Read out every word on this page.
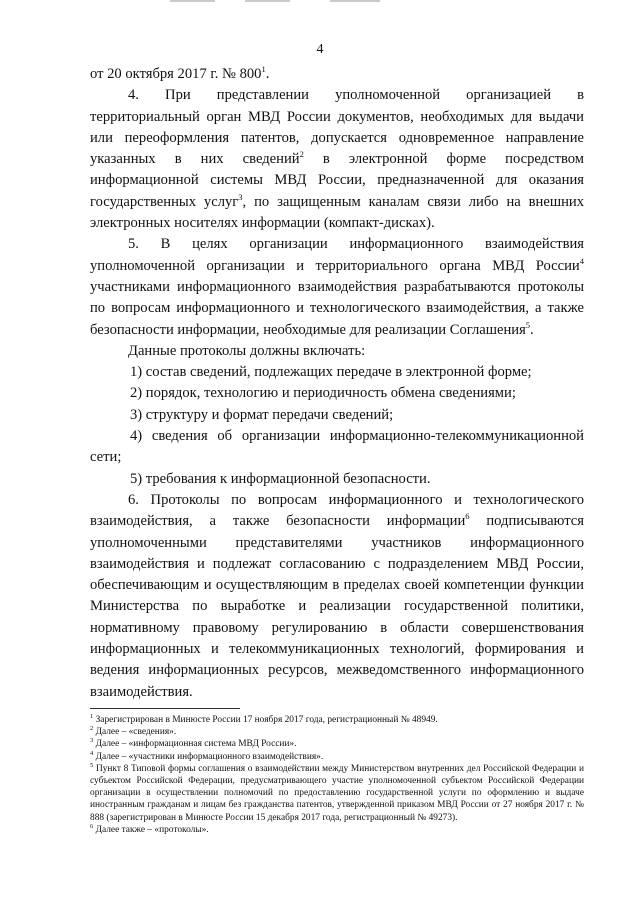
4

от 20 октября 2017 г. № $800^1$.

4. При представлении уполномоченной организацией в территориальный орган МВД России документов, необходимых для выдачи или переоформления патентов, допускается одновременное направление указанных в них сведений$^2$ в электронной форме посредством информационной системы МВД России, предназначенной для оказания государственных услуг$^3$, по защищенным каналам связи либо на внешних электронных носителях информации (компакт-дисках).

5. В целях организации информационного взаимодействия уполномоченной организации и территориального органа МВД России$^4$ участниками информационного взаимодействия разрабатываются протоколы по вопросам информационного и технологического взаимодействия, а также безопасности информации, необходимые для реализации Соглашения$^5$.

Данные протоколы должны включать:

1) состав сведений, подлежащих передаче в электронной форме;

2) порядок, технологию и периодичность обмена сведениями;

3) структуру и формат передачи сведений;

4) сведения об организации информационно-телекоммуникационной сети;

5) требования к информационной безопасности.

6. Протоколы по вопросам информационного и технологического взаимодействия, а также безопасности информации$^6$ подписываются уполномоченными представителями участников информационного взаимодействия и подлежат согласованию с подразделением МВД России, обеспечивающим и осуществляющим в пределах своей компетенции функции Министерства по выработке и реализации государственной политики, нормативному правовому регулированию в области совершенствования информационных и телекоммуникационных технологий, формирования и ведения информационных ресурсов, межведомственного информационного взаимодействия.

$^1$ Зарегистрирован в Минюсте России 17 ноября 2017 года, регистрационный № 48949.

$^2$ Далее – «сведения».

$^3$ Далее – «информационная система МВД России».

$^4$ Далее – «участники информационного взаимодействия».

$^5$ Пункт 8 Типовой формы соглашения о взаимодействии между Министерством внутренних дел Российской Федерации и субъектом Российской Федерации, предусматривающего участие уполномоченной субъектом Российской Федерации организации в осуществлении полномочий по предоставлению государственной услуги по оформлению и выдаче иностранным гражданам и лицам без гражданства патентов, утвержденной приказом МВД России от 27 ноября 2017 г. № 888 (зарегистрирован в Минюсте России 15 декабря 2017 года, регистрационный № 49273).

$^6$ Далее также – «протоколы».
